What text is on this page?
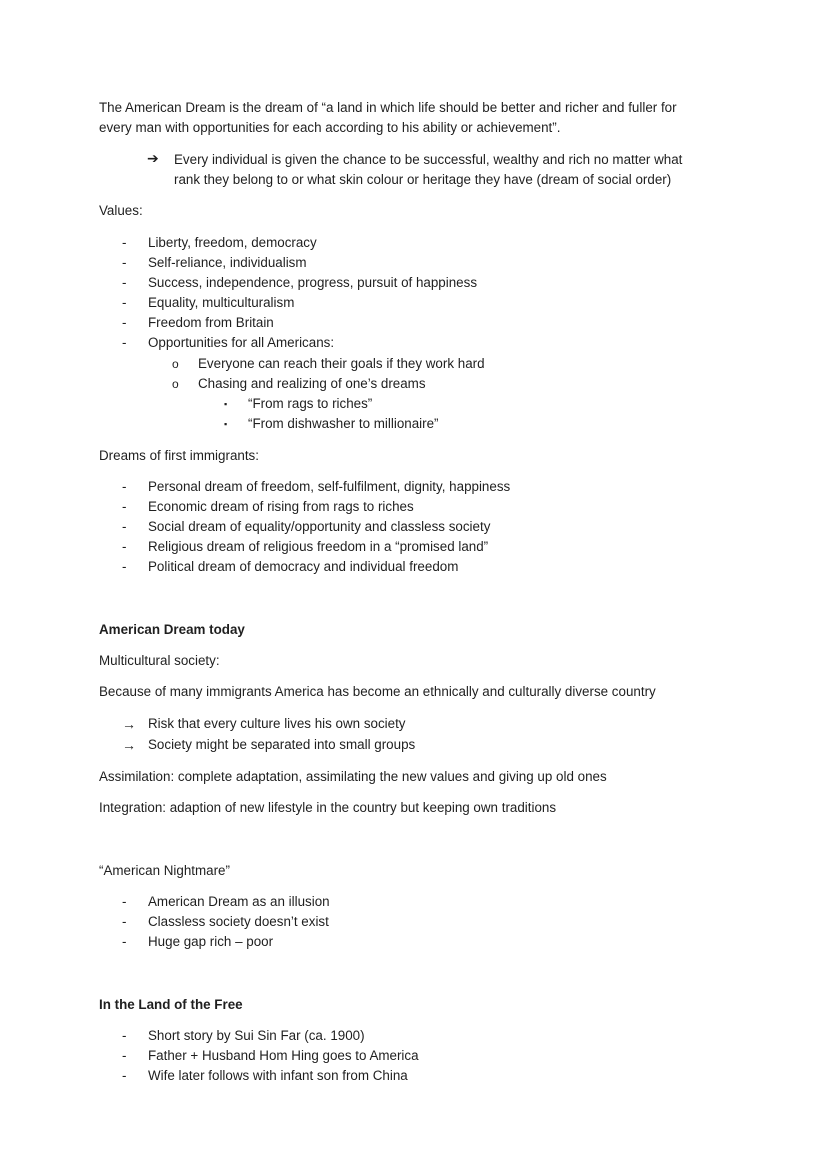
The American Dream is the dream of “a land in which life should be better and richer and fuller for

every man with opportunities for each according to his ability or achievement”.

➔ Every individual is given the chance to be successful, wealthy and rich no matter what

rank they belong to or what skin colour or heritage they have (dream of social order)

Values:

-	Liberty, freedom, democracy

-	Self-reliance, individualism

-	Success, independence, progress, pursuit of happiness

-	Equality, multiculturalism

-	Freedom from Britain

-	Opportunities for all Americans:

o Everyone can reach their goals if they work hard

o Chasing and realizing of one’s dreams

▪ “From rags to riches”

▪ “From dishwasher to millionaire”

Dreams of first immigrants:

-	Personal dream of freedom, self-fulfilment, dignity, happiness

-	Economic dream of rising from rags to riches

-	Social dream of equality/opportunity and classless society

-	Religious dream of religious freedom in a “promised land”

-	Political dream of democracy and individual freedom

American Dream today

Multicultural society:

Because of many immigrants America has become an ethnically and culturally diverse country

→ Risk that every culture lives his own society

→ Society might be separated into small groups

Assimilation: complete adaptation, assimilating the new values and giving up old ones

Integration: adaption of new lifestyle in the country but keeping own traditions

“American Nightmare”

-	American Dream as an illusion

-	Classless society doesn’t exist

-	Huge gap rich – poor

In the Land of the Free

-	Short story by Sui Sin Far (ca. 1900)

-	Father + Husband Hom Hing goes to America

-	Wife later follows with infant son from China
